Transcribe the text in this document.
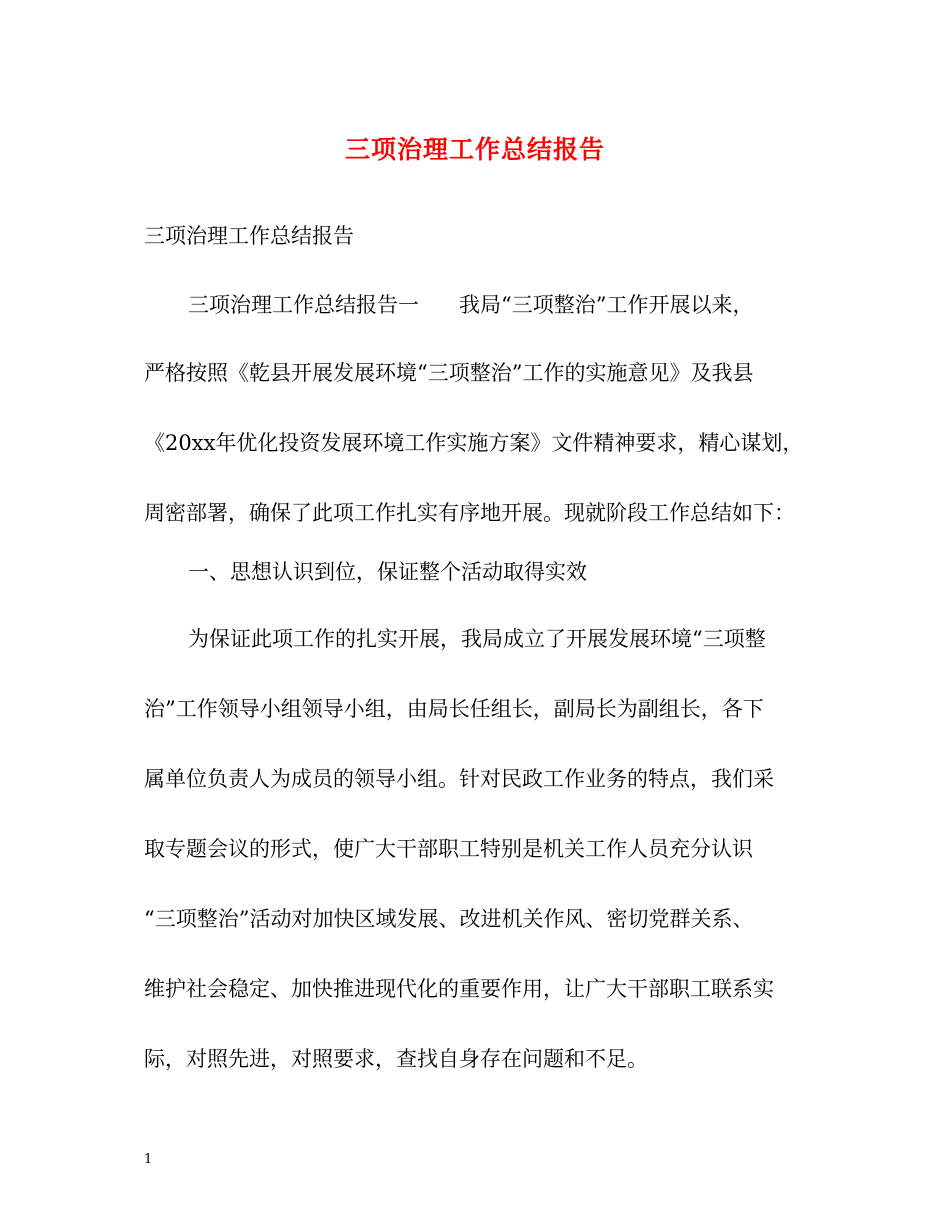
三项治理工作总结报告
三项治理工作总结报告
三项治理工作总结报告一 我局“三项整治”工作开展以来，
严格按照《乾县开展发展环境“三项整治”工作的实施意见》及我县
《20xx年优化投资发展环境工作实施方案》文件精神要求，精心谋划，
周密部署，确保了此项工作扎实有序地开展。现就阶段工作总结如下：
一、思想认识到位，保证整个活动取得实效
为保证此项工作的扎实开展，我局成立了开展发展环境“三项整
治”工作领导小组领导小组，由局长任组长，副局长为副组长，各下
属单位负责人为成员的领导小组。针对民政工作业务的特点，我们采
取专题会议的形式，使广大干部职工特别是机关工作人员充分认识
“三项整治”活动对加快区域发展、改进机关作风、密切党群关系、
维护社会稳定、加快推进现代化的重要作用，让广大干部职工联系实
际，对照先进，对照要求，查找自身存在问题和不足。
1
